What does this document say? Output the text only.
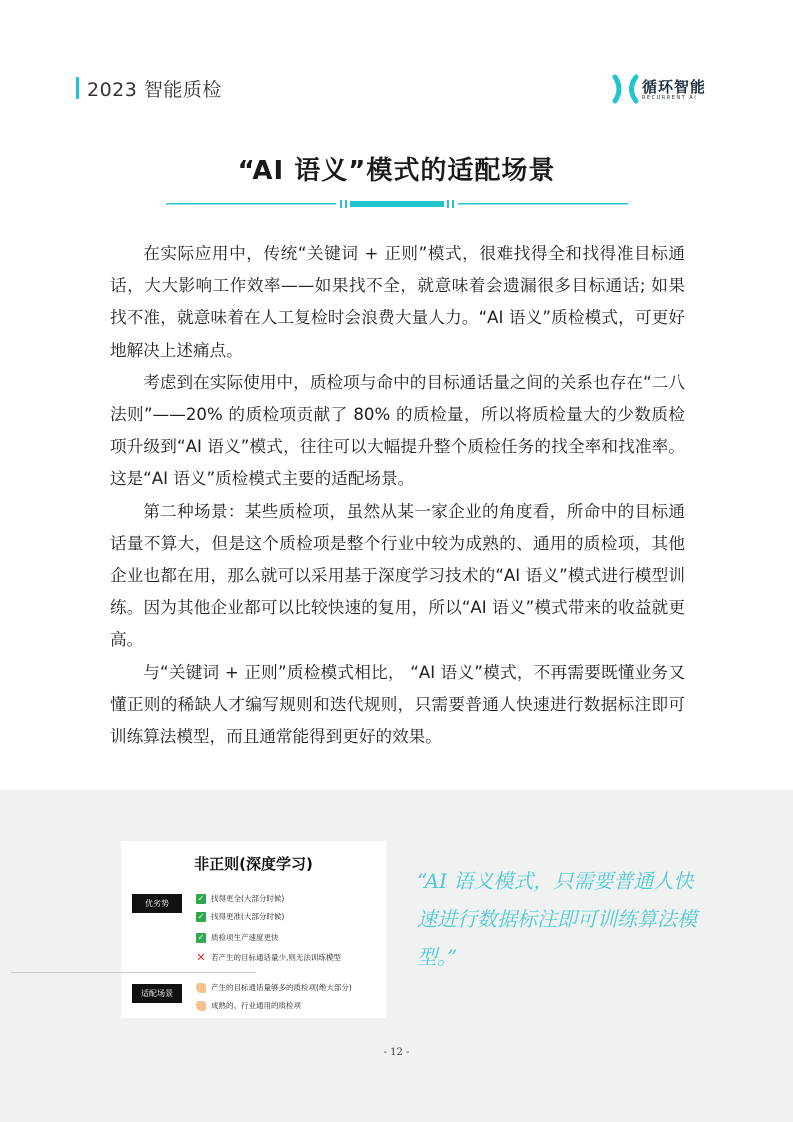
2023 智能质检	循环智能
RECURRENT AI
“AI 语义”模式的适配场景

在实际应用中，传统“关键词 + 正则”模式，很难找得全和找得准目标通话，大大影响工作效率——如果找不全，就意味着会遗漏很多目标通话; 如果找不准，就意味着在人工复检时会浪费大量人力。“AI 语义”质检模式，可更好地解决上述痛点。

考虑到在实际使用中，质检项与命中的目标通话量之间的关系也存在“二八法则”——20% 的质检项贡献了 80% 的质检量，所以将质检量大的少数质检项升级到“AI 语义”模式，往往可以大幅提升整个质检任务的找全率和找准率。这是“AI 语义”质检模式主要的适配场景。

第二种场景：某些质检项，虽然从某一家企业的角度看，所命中的目标通话量不算大，但是这个质检项是整个行业中较为成熟的、通用的质检项，其他企业也都在用，那么就可以采用基于深度学习技术的“AI 语义”模式进行模型训练。因为其他企业都可以比较快速的复用，所以“AI 语义”模式带来的收益就更高。

与“关键词 + 正则”质检模式相比， “AI 语义”模式，不再需要既懂业务又懂正则的稀缺人才编写规则和迭代规则，只需要普通人快速进行数据标注即可训练算法模型，而且通常能得到更好的效果。

非正则(深度学习)
优劣势
✓ 找得更全(大部分时候)
✓ 找得更准(大部分时候)
✓ 质检项生产速度更快
✕ 若产生的目标通话量少,则无法训练模型
适配场景
产生的目标通话量够多的质检项(绝大部分)
成熟的、行业通用的质检项
“AI 语义模式，只需要普通人快速进行数据标注即可训练算法模型。”
- 12 -
